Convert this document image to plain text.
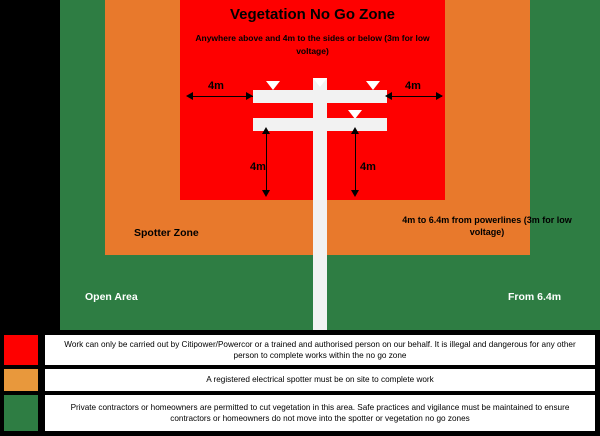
Vegetation No Go Zone
Anywhere above and 4m to the sides or below (3m for low voltage)
4m	4m
4m	4m
Spotter Zone
4m to 6.4m from powerlines (3m for low voltage)
Open Area	From 6.4m
Work can only be carried out by Citipower/Powercor or a trained and authorised person on our behalf. It is illegal and dangerous for any other person to complete works within the no go zone
A registered electrical spotter must be on site to complete work
Private contractors or homeowners are permitted to cut vegetation in this area. Safe practices and vigilance must be maintained to ensure contractors or homeowners do not move into the spotter or vegetation no go zones
